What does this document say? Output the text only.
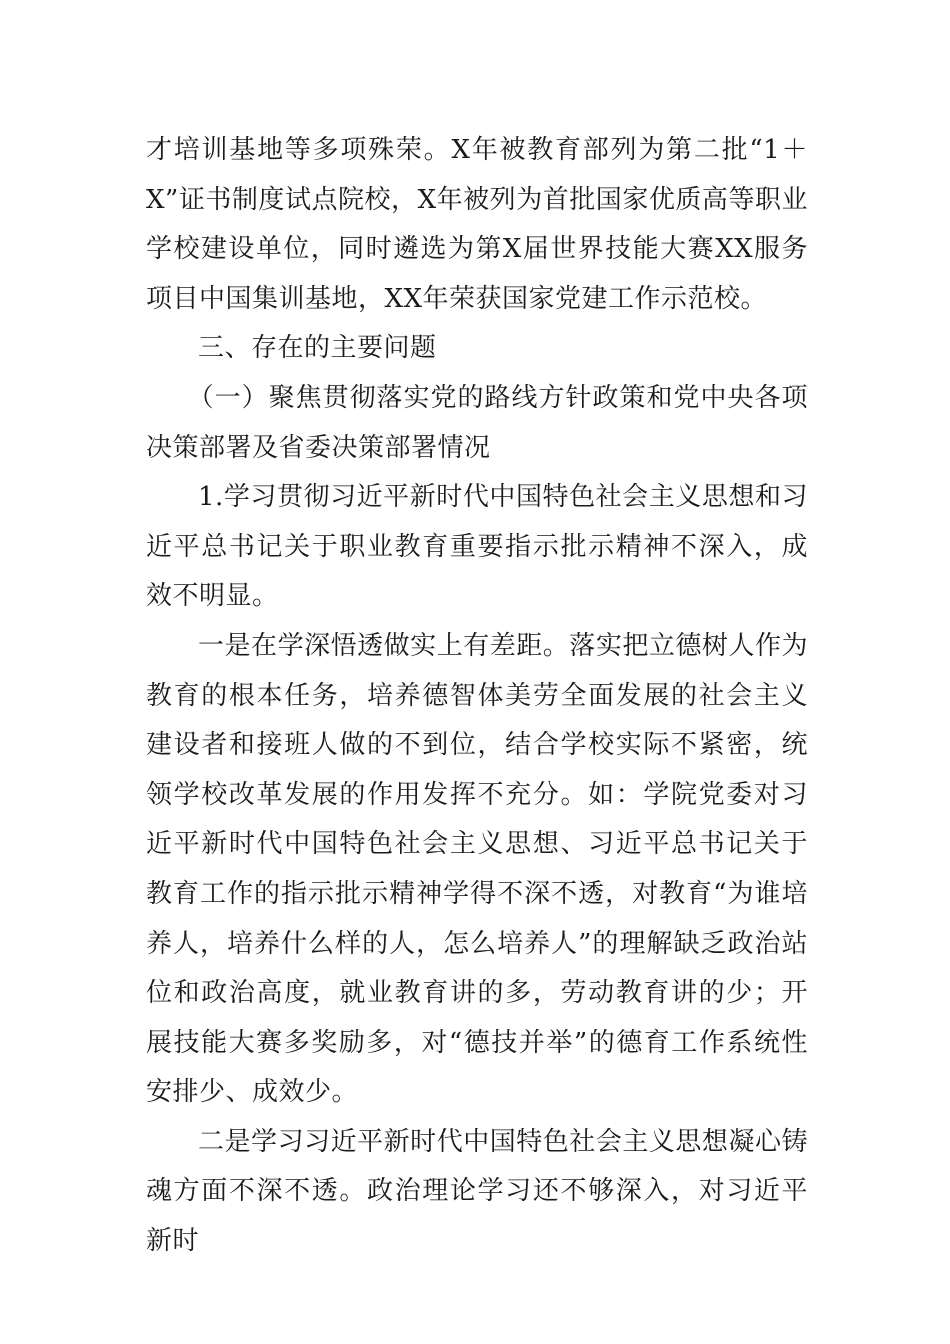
才培训基地等多项殊荣。X年被教育部列为第二批“1＋X”证书制度试点院校，X年被列为首批国家优质高等职业学校建设单位，同时遴选为第X届世界技能大赛XX服务项目中国集训基地，XX年荣获国家党建工作示范校。

三、存在的主要问题

（一）聚焦贯彻落实党的路线方针政策和党中央各项决策部署及省委决策部署情况

1.学习贯彻习近平新时代中国特色社会主义思想和习近平总书记关于职业教育重要指示批示精神不深入，成效不明显。

一是在学深悟透做实上有差距。落实把立德树人作为教育的根本任务，培养德智体美劳全面发展的社会主义建设者和接班人做的不到位，结合学校实际不紧密，统领学校改革发展的作用发挥不充分。如：学院党委对习近平新时代中国特色社会主义思想、习近平总书记关于教育工作的指示批示精神学得不深不透，对教育“为谁培养人，培养什么样的人，怎么培养人”的理解缺乏政治站位和政治高度，就业教育讲的多，劳动教育讲的少；开展技能大赛多奖励多，对“德技并举”的德育工作系统性安排少、成效少。

二是学习习近平新时代中国特色社会主义思想凝心铸魂方面不深不透。政治理论学习还不够深入，对习近平新时
